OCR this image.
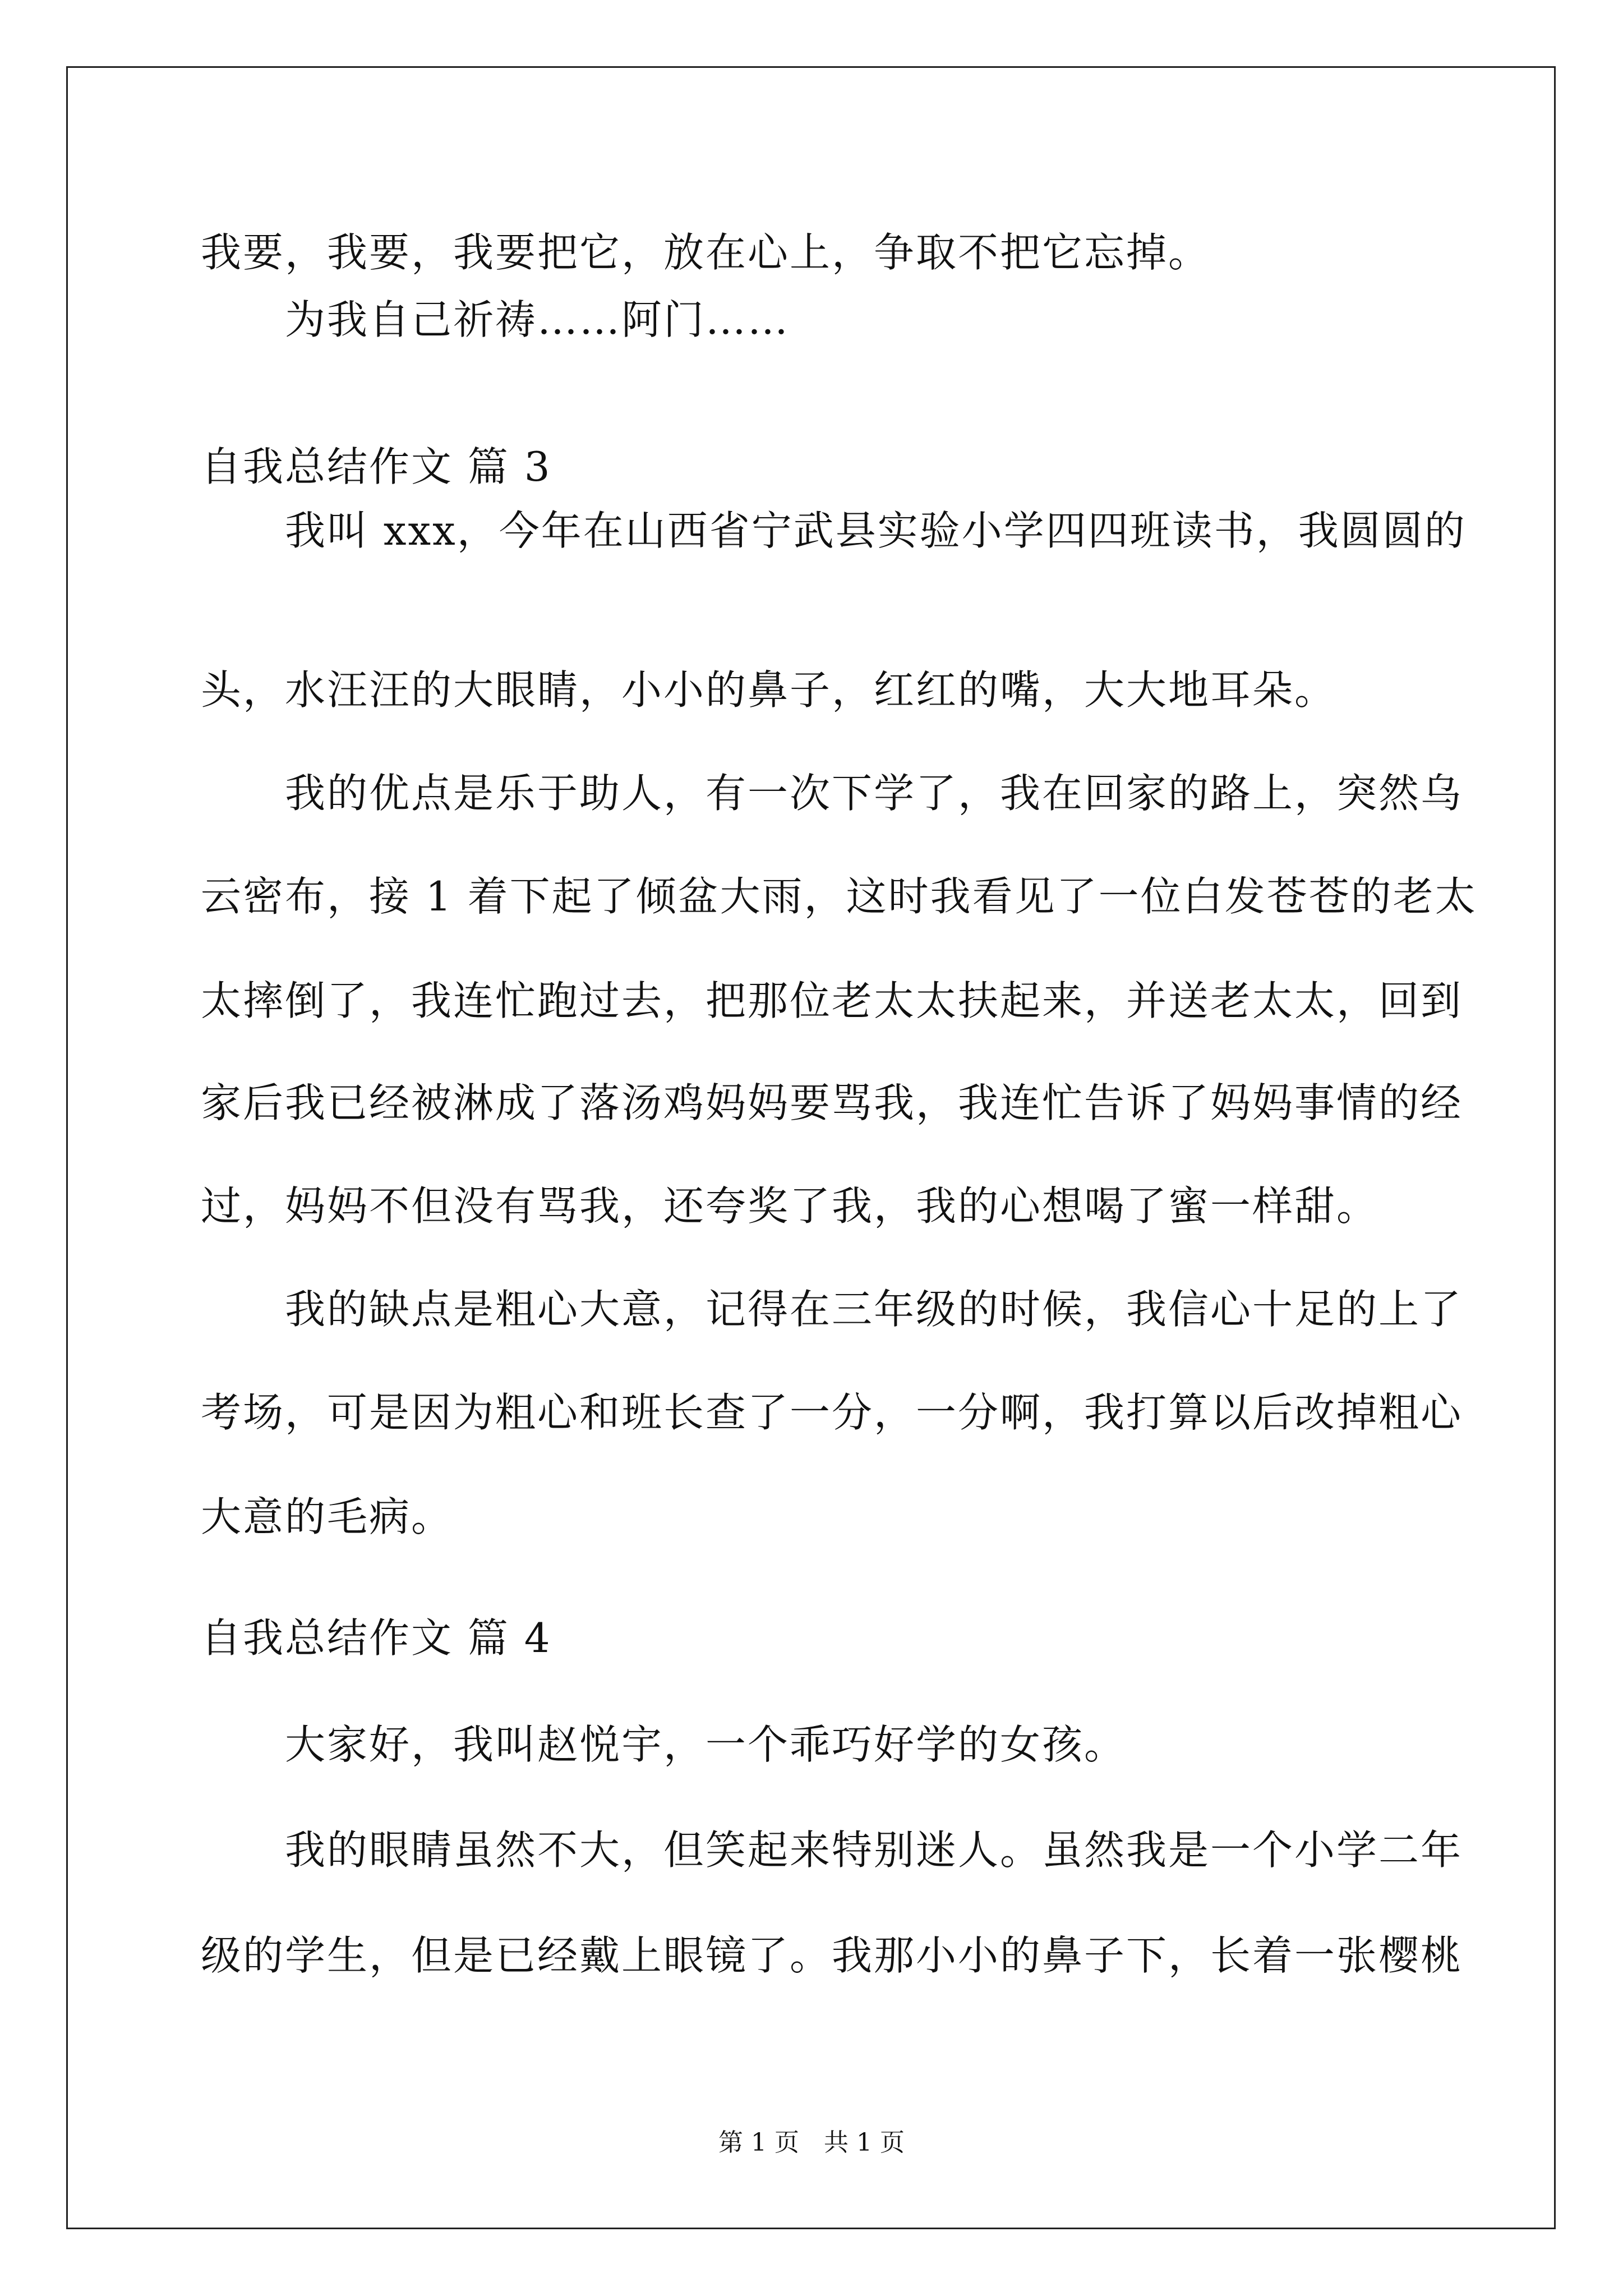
我要，我要，我要把它，放在心上，争取不把它忘掉。
为我自己祈祷……阿门……
自我总结作文 篇 3
我叫 xxx，今年在山西省宁武县实验小学四四班读书，我圆圆的
头，水汪汪的大眼睛，小小的鼻子，红红的嘴，大大地耳朵。
我的优点是乐于助人，有一次下学了，我在回家的路上，突然乌
云密布，接 1 着下起了倾盆大雨，这时我看见了一位白发苍苍的老太
太摔倒了，我连忙跑过去，把那位老太太扶起来，并送老太太，回到
家后我已经被淋成了落汤鸡妈妈要骂我，我连忙告诉了妈妈事情的经
过，妈妈不但没有骂我，还夸奖了我，我的心想喝了蜜一样甜。
我的缺点是粗心大意，记得在三年级的时候，我信心十足的上了
考场，可是因为粗心和班长查了一分，一分啊，我打算以后改掉粗心
大意的毛病。
自我总结作文 篇 4
大家好，我叫赵悦宇，一个乖巧好学的女孩。
我的眼睛虽然不大，但笑起来特别迷人。虽然我是一个小学二年
级的学生，但是已经戴上眼镜了。我那小小的鼻子下，长着一张樱桃
第 1 页　共 1 页
